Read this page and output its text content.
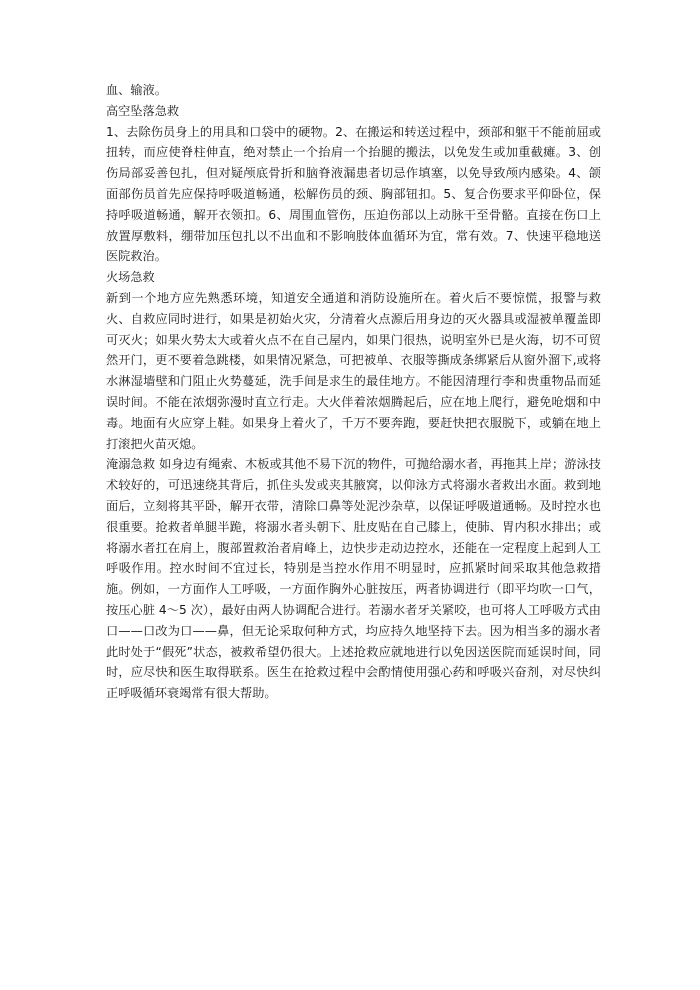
血、输液。

高空坠落急救

1、去除伤员身上的用具和口袋中的硬物。2、在搬运和转送过程中，颈部和躯干不能前屈或扭转，而应使脊柱伸直，绝对禁止一个抬肩一个抬腿的搬法，以免发生或加重截瘫。3、创伤局部妥善包扎，但对疑颅底骨折和脑脊液漏患者切忌作填塞，以免导致颅内感染。4、颌面部伤员首先应保持呼吸道畅通，松解伤员的颈、胸部钮扣。5、复合伤要求平仰卧位，保持呼吸道畅通，解开衣领扣。6、周围血管伤，压迫伤部以上动脉干至骨骼。直接在伤口上放置厚敷料，绷带加压包扎以不出血和不影响肢体血循环为宜，常有效。7、快速平稳地送医院救治。

火场急救

新到一个地方应先熟悉环境，知道安全通道和消防设施所在。着火后不要惊慌，报警与救火、自救应同时进行，如果是初始火灾，分清着火点源后用身边的灭火器具或湿被单覆盖即可灭火；如果火势太大或着火点不在自己屋内，如果门很热，说明室外已是火海，切不可贸然开门，更不要着急跳楼，如果情况紧急，可把被单、衣服等撕成条绑紧后从窗外溜下,或将水淋湿墙壁和门阻止火势蔓延，洗手间是求生的最佳地方。不能因清理行李和贵重物品而延误时间。不能在浓烟弥漫时直立行走。大火伴着浓烟腾起后，应在地上爬行，避免呛烟和中毒。地面有火应穿上鞋。如果身上着火了，千万不要奔跑，要赶快把衣服脱下，或躺在地上打滚把火苗灭熄。

淹溺急救 如身边有绳索、木板或其他不易下沉的物件，可抛给溺水者，再拖其上岸；游泳技术较好的，可迅速绕其背后，抓住头发或夹其腋窝，以仰泳方式将溺水者救出水面。救到地面后，立刻将其平卧，解开衣带，清除口鼻等处泥沙杂草，以保证呼吸道通畅。及时控水也很重要。抢救者单腿半跪，将溺水者头朝下、肚皮贴在自己膝上，使肺、胃内积水排出；或将溺水者扛在肩上，腹部置救治者肩峰上，边快步走动边控水，还能在一定程度上起到人工呼吸作用。控水时间不宜过长，特别是当控水作用不明显时，应抓紧时间采取其他急救措施。例如，一方面作人工呼吸，一方面作胸外心脏按压，两者协调进行（即平均吹一口气，按压心脏 4～5 次），最好由两人协调配合进行。若溺水者牙关紧咬，也可将人工呼吸方式由口——口改为口——鼻，但无论采取何种方式，均应持久地坚持下去。因为相当多的溺水者此时处于“假死”状态，被救希望仍很大。上述抢救应就地进行以免因送医院而延误时间，同时，应尽快和医生取得联系。医生在抢救过程中会酌情使用强心药和呼吸兴奋剂，对尽快纠正呼吸循环衰竭常有很大帮助。
